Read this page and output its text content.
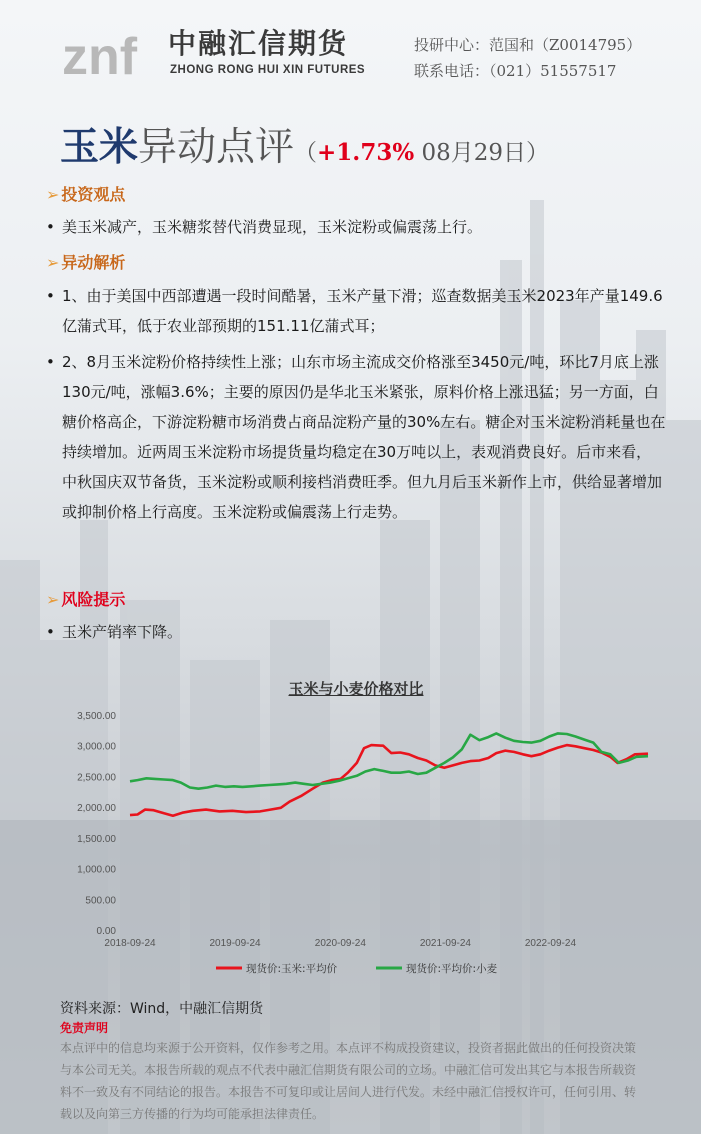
znf 中融汇信期货
ZHONG RONG HUI XIN FUTURES
投研中心：范国和（Z0014795）
联系电话：（021）51557517
玉米异动点评（+1.73% 08月29日）
➢ 投资观点
• 美玉米减产，玉米糖浆替代消费显现，玉米淀粉或偏震荡上行。
➢ 异动解析
• 1、由于美国中西部遭遇一段时间酷暑，玉米产量下滑；巡查数据美玉米2023年产量149.6亿蒲式耳，低于农业部预期的151.11亿蒲式耳；
• 2、8月玉米淀粉价格持续性上涨；山东市场主流成交价格涨至3450元/吨，环比7月底上涨130元/吨，涨幅3.6%；主要的原因仍是华北玉米紧张，原料价格上涨迅猛；另一方面，白糖价格高企，下游淀粉糖市场消费占商品淀粉产量的30%左右。糖企对玉米淀粉消耗量也在持续增加。近两周玉米淀粉市场提货量均稳定在30万吨以上，表观消费良好。后市来看，中秋国庆双节备货，玉米淀粉或顺利接档消费旺季。但九月后玉米新作上市，供给显著增加或抑制价格上行高度。玉米淀粉或偏震荡上行走势。
➢ 风险提示
• 玉米产销率下降。
玉米与小麦价格对比
3,500.00
3,000.00
2,500.00
2,000.00
1,500.00
1,000.00
500.00
0.00
2018-09-24	2019-09-24	2020-09-24	2021-09-24	2022-09-24
现货价:玉米:平均价	现货价:平均价:小麦
资料来源：Wind，中融汇信期货
免责声明
本点评中的信息均来源于公开资料，仅作参考之用。本点评不构成投资建议，投资者据此做出的任何投资决策与本公司无关。本报告所载的观点不代表中融汇信期货有限公司的立场。中融汇信可发出其它与本报告所载资料不一致及有不同结论的报告。本报告不可复印或让居间人进行代发。未经中融汇信授权许可，任何引用、转载以及向第三方传播的行为均可能承担法律责任。
